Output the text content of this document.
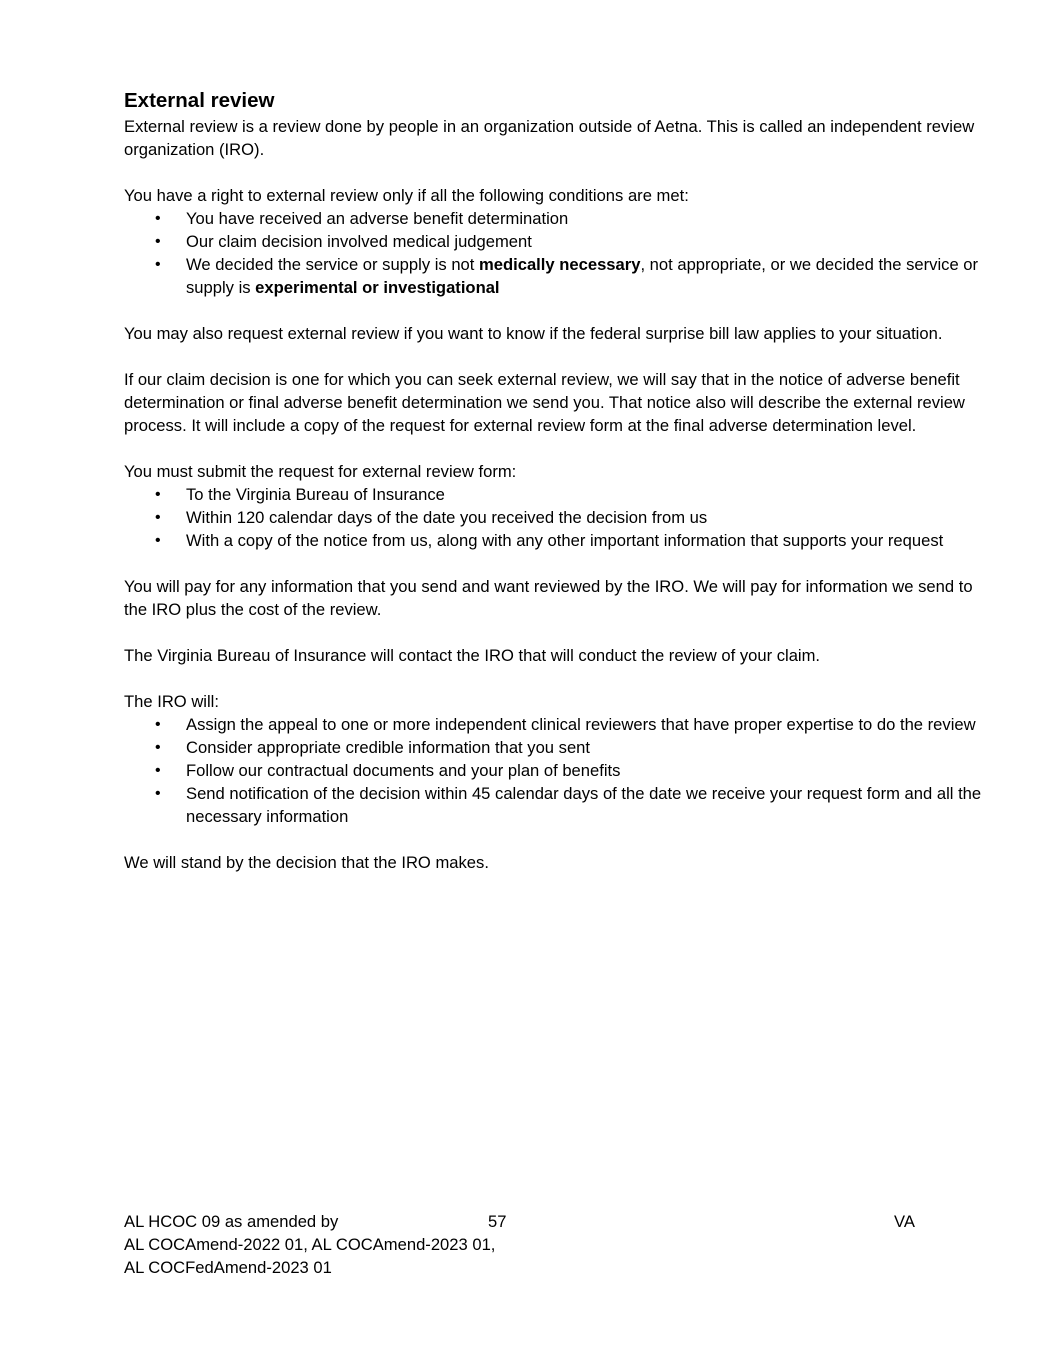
External review

External review is a review done by people in an organization outside of Aetna. This is called an independent review organization (IRO).

You have a right to external review only if all the following conditions are met:

• You have received an adverse benefit determination
• Our claim decision involved medical judgement
• We decided the service or supply is not medically necessary, not appropriate, or we decided the service or supply is experimental or investigational

You may also request external review if you want to know if the federal surprise bill law applies to your situation.

If our claim decision is one for which you can seek external review, we will say that in the notice of adverse benefit determination or final adverse benefit determination we send you. That notice also will describe the external review process. It will include a copy of the request for external review form at the final adverse determination level.

You must submit the request for external review form:

• To the Virginia Bureau of Insurance
• Within 120 calendar days of the date you received the decision from us
• With a copy of the notice from us, along with any other important information that supports your request

You will pay for any information that you send and want reviewed by the IRO. We will pay for information we send to the IRO plus the cost of the review.

The Virginia Bureau of Insurance will contact the IRO that will conduct the review of your claim.

The IRO will:

• Assign the appeal to one or more independent clinical reviewers that have proper expertise to do the review
• Consider appropriate credible information that you sent
• Follow our contractual documents and your plan of benefits
• Send notification of the decision within 45 calendar days of the date we receive your request form and all the necessary information

We will stand by the decision that the IRO makes.

AL HCOC 09 as amended by
AL COCAmend-2022 01, AL COCAmend-2023 01,
AL COCFedAmend-2023 01
57	VA
